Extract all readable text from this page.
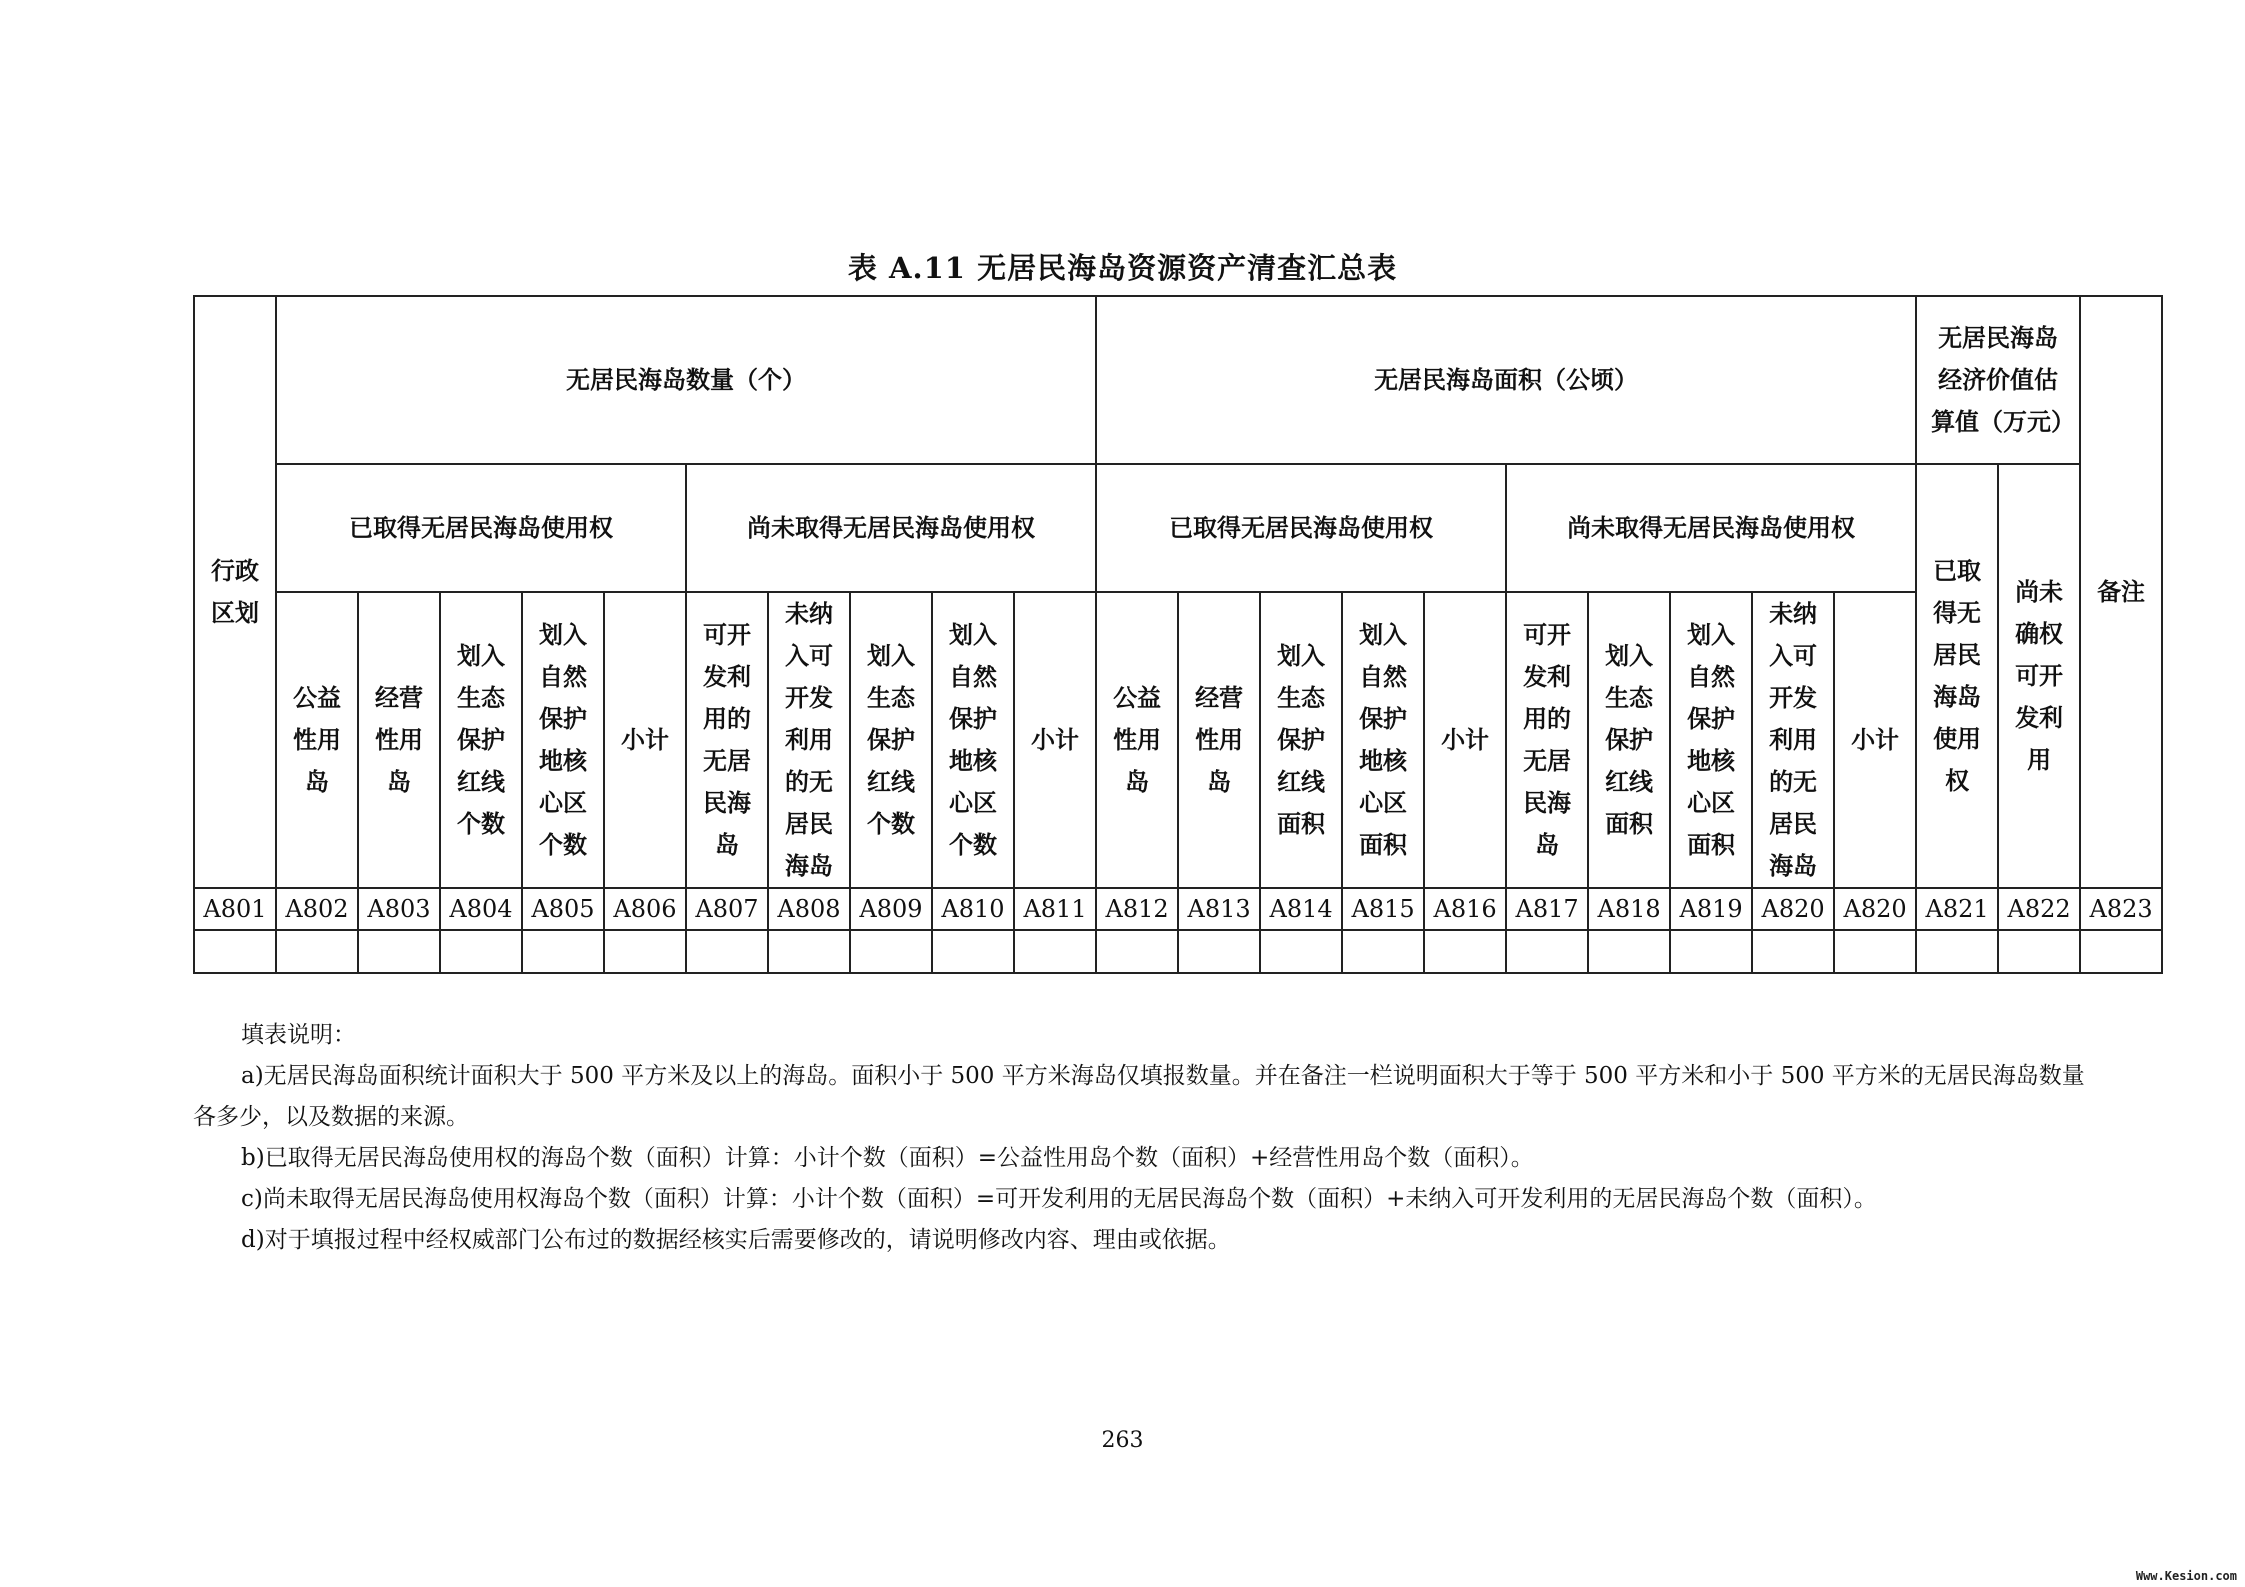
表 A.11 无居民海岛资源资产清查汇总表
行政区划	无居民海岛数量（个）										无居民海岛面积（公顷）										无居民海岛经济价值估算值（万元）		备注
	已取得无居民海岛使用权					尚未取得无居民海岛使用权					已取得无居民海岛使用权					尚未取得无居民海岛使用权					已取得无居民海岛使用权	尚未确权可开发利用	
	公益性用岛	经营性用岛	划入生态保护红线个数	划入自然保护地核心区个数	小计	可开发利用的无居民海岛	未纳入可开发利用的无居民海岛	划入生态保护红线个数	划入自然保护地核心区个数	小计	公益性用岛	经营性用岛	划入生态保护红线面积	划入自然保护地核心区面积	小计	可开发利用的无居民海岛	划入生态保护红线面积	划入自然保护地核心区面积	未纳入可开发利用的无居民海岛	小计			
A801	A802	A803	A804	A805	A806	A807	A808	A809	A810	A811	A812	A813	A814	A815	A816	A817	A818	A819	A820	A820	A821	A822	A823

填表说明：
a)无居民海岛面积统计面积大于 500 平方米及以上的海岛。面积小于 500 平方米海岛仅填报数量。并在备注一栏说明面积大于等于 500 平方米和小于 500 平方米的无居民海岛数量各多少，以及数据的来源。
b)已取得无居民海岛使用权的海岛个数（面积）计算：小计个数（面积）=公益性用岛个数（面积）+经营性用岛个数（面积）。
c)尚未取得无居民海岛使用权海岛个数（面积）计算：小计个数（面积）=可开发利用的无居民海岛个数（面积）+未纳入可开发利用的无居民海岛个数（面积）。
d)对于填报过程中经权威部门公布过的数据经核实后需要修改的，请说明修改内容、理由或依据。
263
Www.Kesion.com
